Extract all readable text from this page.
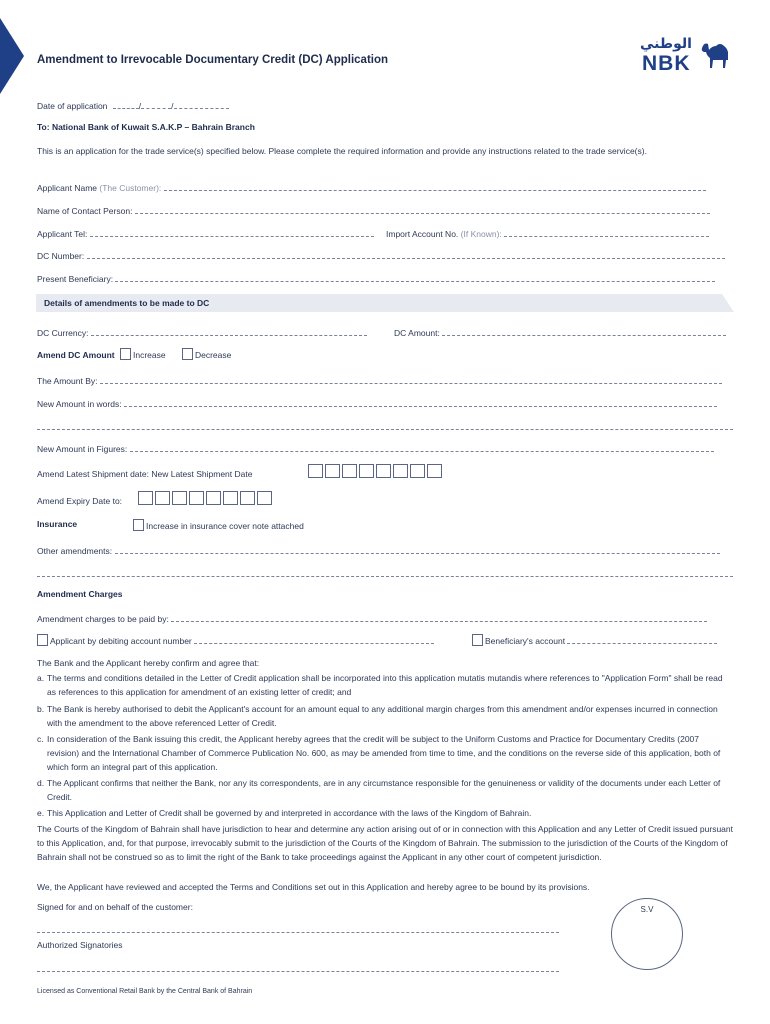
Amendment to Irrevocable Documentary Credit (DC) Application
الوطني
NBK
Date of application	/	/
To: National Bank of Kuwait S.A.K.P – Bahrain Branch
This is an application for the trade service(s) specified below. Please complete the required information and provide any instructions related to the trade service(s).
Applicant Name (The Customer):
Name of Contact Person:
Applicant Tel:	Import Account No. (If Known):
DC Number:
Present Beneficiary:
Details of amendments to be made to DC
DC Currency:	DC Amount:
Amend DC Amount Increase	Decrease
The Amount By:
New Amount in words:
New Amount in Figures:
Amend Latest Shipment date: New Latest Shipment Date
Amend Expiry Date to:
Insurance	Increase in insurance cover note attached
Other amendments:
Amendment Charges
Amendment charges to be paid by:
Applicant by debiting account number	Beneficiary's account
The Bank and the Applicant hereby confirm and agree that:
a. The terms and conditions detailed in the Letter of Credit application shall be incorporated into this application mutatis mutandis where references to "Application Form" shall be read as references to this application for amendment of an existing letter of credit; and
b. The Bank is hereby authorised to debit the Applicant's account for an amount equal to any additional margin charges from this amendment and/or expenses incurred in connection with the amendment to the above referenced Letter of Credit.
c. In consideration of the Bank issuing this credit, the Applicant hereby agrees that the credit will be subject to the Uniform Customs and Practice for Documentary Credits (2007 revision) and the International Chamber of Commerce Publication No. 600, as may be amended from time to time, and the conditions on the reverse side of this application, both of which form an integral part of this application.
d. The Applicant confirms that neither the Bank, nor any its correspondents, are in any circumstance responsible for the genuineness or validity of the documents under each Letter of Credit.
e. This Application and Letter of Credit shall be governed by and interpreted in accordance with the laws of the Kingdom of Bahrain.
The Courts of the Kingdom of Bahrain shall have jurisdiction to hear and determine any action arising out of or in connection with this Application and any Letter of Credit issued pursuant to this Application, and, for that purpose, irrevocably submit to the jurisdiction of the Courts of the Kingdom of Bahrain. The submission to the jurisdiction of the Courts of the Kingdom of Bahrain shall not be construed so as to limit the right of the Bank to take proceedings against the Applicant in any other court of competent jurisdiction.
We, the Applicant have reviewed and accepted the Terms and Conditions set out in this Application and hereby agree to be bound by its provisions.
Signed for and on behalf of the customer:	S.V
Authorized Signatories
Licensed as Conventional Retail Bank by the Central Bank of Bahrain
